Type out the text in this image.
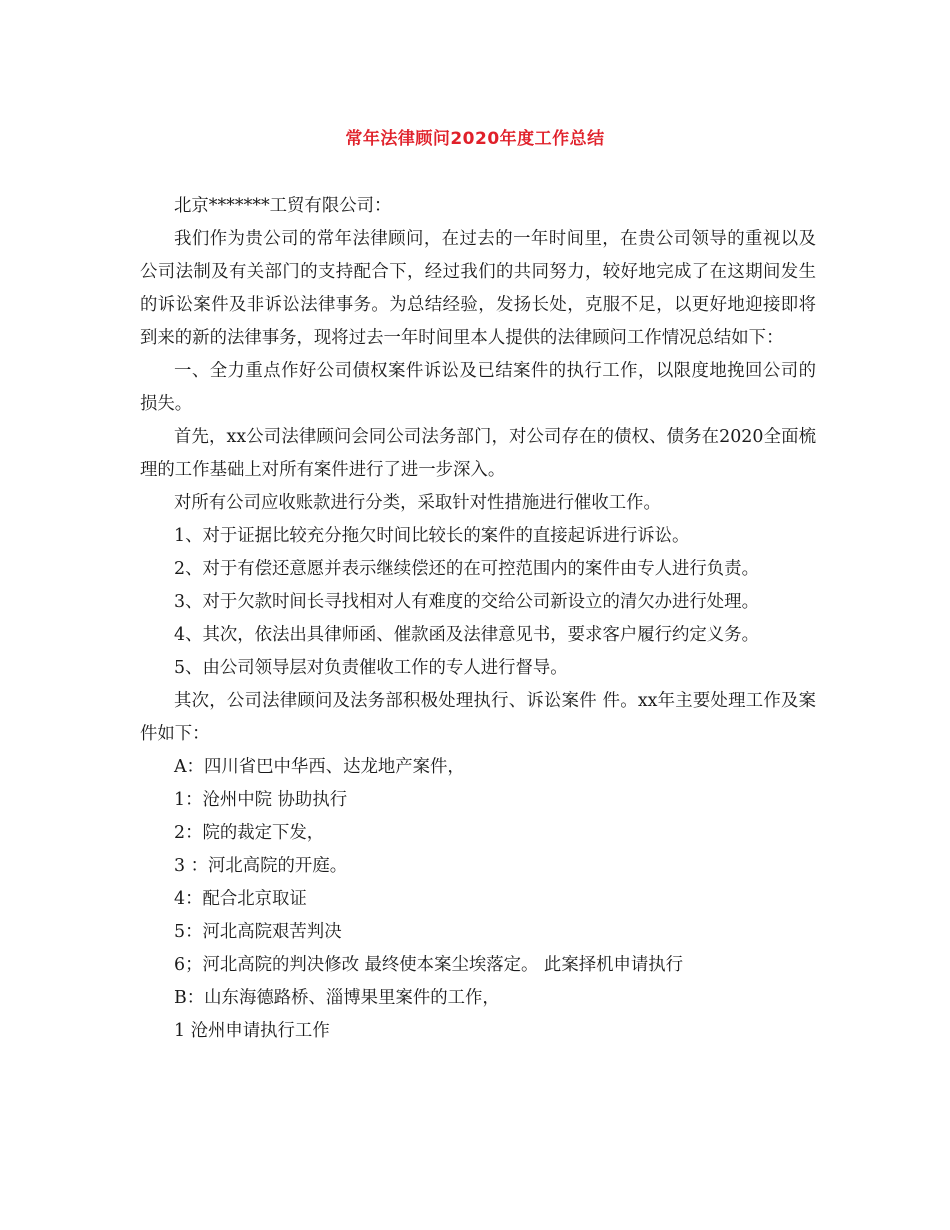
常年法律顾问2020年度工作总结

北京*******工贸有限公司：

我们作为贵公司的常年法律顾问，在过去的一年时间里，在贵公司领导的重视以及公司法制及有关部门的支持配合下，经过我们的共同努力，较好地完成了在这期间发生的诉讼案件及非诉讼法律事务。为总结经验，发扬长处，克服不足，以更好地迎接即将到来的新的法律事务，现将过去一年时间里本人提供的法律顾问工作情况总结如下：

一、全力重点作好公司债权案件诉讼及已结案件的执行工作，以限度地挽回公司的损失。

首先，xx公司法律顾问会同公司法务部门，对公司存在的债权、债务在2020全面梳理的工作基础上对所有案件进行了进一步深入。

对所有公司应收账款进行分类，采取针对性措施进行催收工作。

1、对于证据比较充分拖欠时间比较长的案件的直接起诉进行诉讼。

2、对于有偿还意愿并表示继续偿还的在可控范围内的案件由专人进行负责。

3、对于欠款时间长寻找相对人有难度的交给公司新设立的清欠办进行处理。

4、其次，依法出具律师函、催款函及法律意见书，要求客户履行约定义务。

5、由公司领导层对负责催收工作的专人进行督导。

其次，公司法律顾问及法务部积极处理执行、诉讼案件 件。xx年主要处理工作及案件如下：

A：四川省巴中华西、达龙地产案件，

1：沧州中院 协助执行

2：院的裁定下发，

3 ：河北高院的开庭。

4：配合北京取证

5：河北高院艰苦判决

6；河北高院的判决修改 最终使本案尘埃落定。 此案择机申请执行

B：山东海德路桥、淄博果里案件的工作，

1 沧州申请执行工作
